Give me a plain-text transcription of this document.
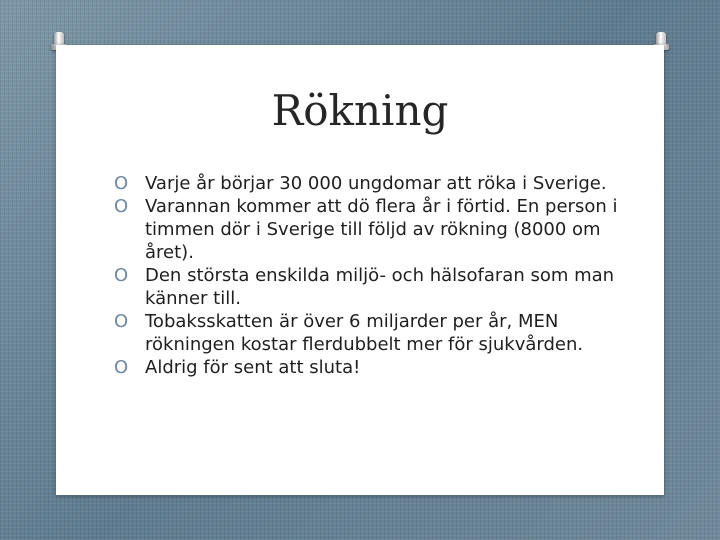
Rökning
O Varje år börjar 30 000 ungdomar att röka i Sverige.
O Varannan kommer att dö flera år i förtid. En person i timmen dör i Sverige till följd av rökning (8000 om året).
O Den största enskilda miljö- och hälsofaran som man känner till.
O Tobaksskatten är över 6 miljarder per år, MEN rökningen kostar flerdubbelt mer för sjukvården.
O Aldrig för sent att sluta!
